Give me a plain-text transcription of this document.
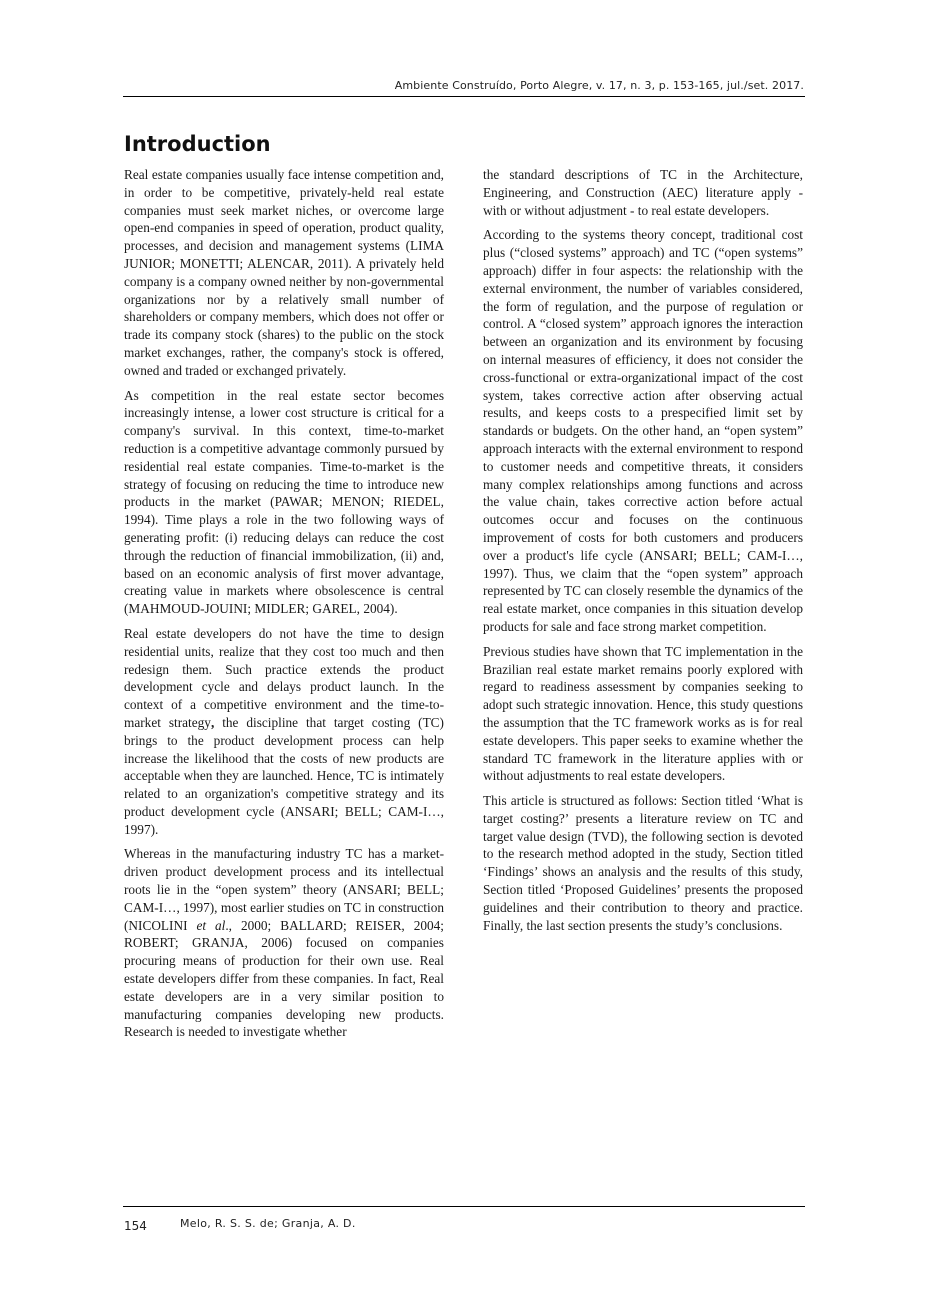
Ambiente Construído, Porto Alegre, v. 17, n. 3, p. 153-165, jul./set. 2017.
Introduction

Real estate companies usually face intense competition and, in order to be competitive, privately-held real estate companies must seek market niches, or overcome large open-end companies in speed of operation, product quality, processes, and decision and management systems (LIMA JUNIOR; MONETTI; ALENCAR, 2011). A privately held company is a company owned neither by non-governmental organizations nor by a relatively small number of shareholders or company members, which does not offer or trade its company stock (shares) to the public on the stock market exchanges, rather, the company's stock is offered, owned and traded or exchanged privately.

As competition in the real estate sector becomes increasingly intense, a lower cost structure is critical for a company's survival. In this context, time-to-market reduction is a competitive advantage commonly pursued by residential real estate companies. Time-to-market is the strategy of focusing on reducing the time to introduce new products in the market (PAWAR; MENON; RIEDEL, 1994). Time plays a role in the two following ways of generating profit: (i) reducing delays can reduce the cost through the reduction of financial immobilization, (ii) and, based on an economic analysis of first mover advantage, creating value in markets where obsolescence is central (MAHMOUD-JOUINI; MIDLER; GAREL, 2004).

Real estate developers do not have the time to design residential units, realize that they cost too much and then redesign them. Such practice extends the product development cycle and delays product launch. In the context of a competitive environment and the time-to-market strategy, the discipline that target costing (TC) brings to the product development process can help increase the likelihood that the costs of new products are acceptable when they are launched. Hence, TC is intimately related to an organization's competitive strategy and its product development cycle (ANSARI; BELL; CAM-I…, 1997).

Whereas in the manufacturing industry TC has a market-driven product development process and its intellectual roots lie in the “open system” theory (ANSARI; BELL; CAM-I…, 1997), most earlier studies on TC in construction (NICOLINI et al., 2000; BALLARD; REISER, 2004; ROBERT; GRANJA, 2006) focused on companies procuring means of production for their own use. Real estate developers differ from these companies. In fact, Real estate developers are in a very similar position to manufacturing companies developing new products. Research is needed to investigate whether

the standard descriptions of TC in the Architecture, Engineering, and Construction (AEC) literature apply - with or without adjustment - to real estate developers.

According to the systems theory concept, traditional cost plus (“closed systems” approach) and TC (“open systems” approach) differ in four aspects: the relationship with the external environment, the number of variables considered, the form of regulation, and the purpose of regulation or control. A “closed system” approach ignores the interaction between an organization and its environment by focusing on internal measures of efficiency, it does not consider the cross-functional or extra-organizational impact of the cost system, takes corrective action after observing actual results, and keeps costs to a prespecified limit set by standards or budgets. On the other hand, an “open system” approach interacts with the external environment to respond to customer needs and competitive threats, it considers many complex relationships among functions and across the value chain, takes corrective action before actual outcomes occur and focuses on the continuous improvement of costs for both customers and producers over a product's life cycle (ANSARI; BELL; CAM-I…, 1997). Thus, we claim that the “open system” approach represented by TC can closely resemble the dynamics of the real estate market, once companies in this situation develop products for sale and face strong market competition.

Previous studies have shown that TC implementation in the Brazilian real estate market remains poorly explored with regard to readiness assessment by companies seeking to adopt such strategic innovation. Hence, this study questions the assumption that the TC framework works as is for real estate developers. This paper seeks to examine whether the standard TC framework in the literature applies with or without adjustments to real estate developers.

This article is structured as follows: Section titled ‘What is target costing?’ presents a literature review on TC and target value design (TVD), the following section is devoted to the research method adopted in the study, Section titled ‘Findings’ shows an analysis and the results of this study, Section titled ‘Proposed Guidelines’ presents the proposed guidelines and their contribution to theory and practice. Finally, the last section presents the study’s conclusions.

154	Melo, R. S. S. de; Granja, A. D.
